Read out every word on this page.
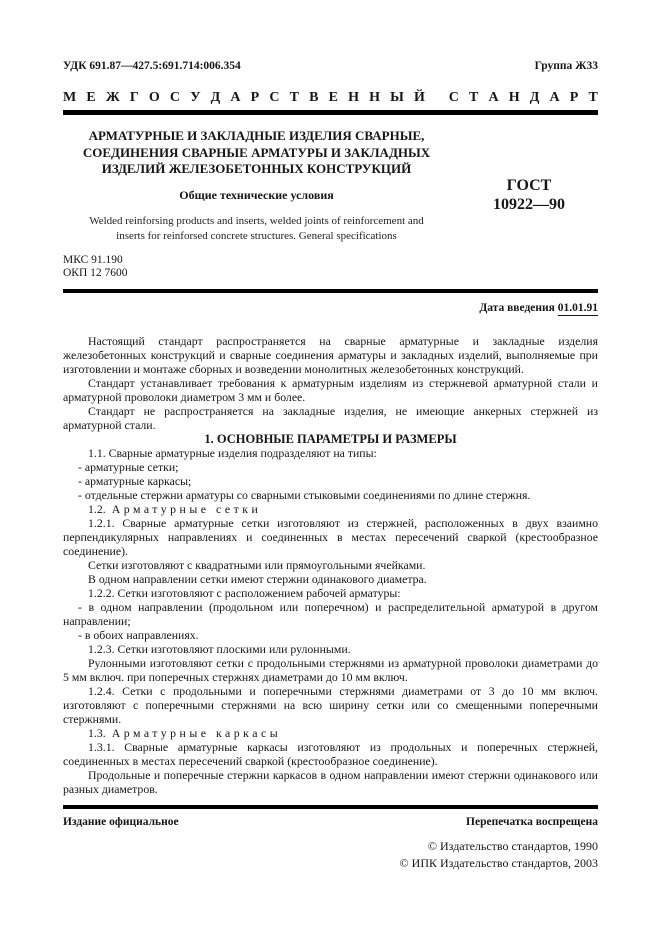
УДК 691.87—427.5:691.714:006.354	Группа Ж33
М Е Ж Г О С У Д А Р С Т В Е Н Н Ы Й
С Т А Н Д А Р Т
АРМАТУРНЫЕ И ЗАКЛАДНЫЕ ИЗДЕЛИЯ СВАРНЫЕ,
СОЕДИНЕНИЯ СВАРНЫЕ АРМАТУРЫ И ЗАКЛАДНЫХ
ИЗДЕЛИЙ ЖЕЛЕЗОБЕТОННЫХ КОНСТРУКЦИЙ
Общие технические условия
Welded reinforsing products and inserts, welded joints of reinforcement and
inserts for reinforsed concrete structures. General specifications
ГОСТ
10922—90
МКС 91.190
ОКП 12 7600
Дата введения 01.01.91

Настоящий стандарт распространяется на сварные арматурные и закладные изделия железобетонных конструкций и сварные соединения арматуры и закладных изделий, выполняемые при изготовлении и монтаже сборных и возведении монолитных железобетонных конструкций.

Стандарт устанавливает требования к арматурным изделиям из стержневой арматурной стали и арматурной проволоки диаметром 3 мм и более.

Стандарт не распространяется на закладные изделия, не имеющие анкерных стержней из арматурной стали.

1. ОСНОВНЫЕ ПАРАМЕТРЫ И РАЗМЕРЫ

1.1. Сварные арматурные изделия подразделяют на типы:

- арматурные сетки;

- арматурные каркасы;

- отдельные стержни арматуры со сварными стыковыми соединениями по длине стержня.

1.2. Арматурные сетки

1.2.1. Сварные арматурные сетки изготовляют из стержней, расположенных в двух взаимно перпендикулярных направлениях и соединенных в местах пересечений сваркой (крестообразное соединение).

Сетки изготовляют с квадратными или прямоугольными ячейками.

В одном направлении сетки имеют стержни одинакового диаметра.

1.2.2. Сетки изготовляют с расположением рабочей арматуры:

- в одном направлении (продольном или поперечном) и распределительной арматурой в другом направлении;

- в обоих направлениях.

1.2.3. Сетки изготовляют плоскими или рулонными.

Рулонными изготовляют сетки с продольными стержнями из арматурной проволоки диаметрами до 5 мм включ. при поперечных стержнях диаметрами до 10 мм включ.

1.2.4. Сетки с продольными и поперечными стержнями диаметрами от 3 до 10 мм включ. изготовляют с поперечными стержнями на всю ширину сетки или со смещенными поперечными стержнями.

1.3. Арматурные каркасы

1.3.1. Сварные арматурные каркасы изготовляют из продольных и поперечных стержней, соединенных в местах пересечений сваркой (крестообразное соединение).

Продольные и поперечные стержни каркасов в одном направлении имеют стержни одинакового или разных диаметров.

Издание официальное	Перепечатка воспрещена
© Издательство стандартов, 1990
© ИПК Издательство стандартов, 2003
